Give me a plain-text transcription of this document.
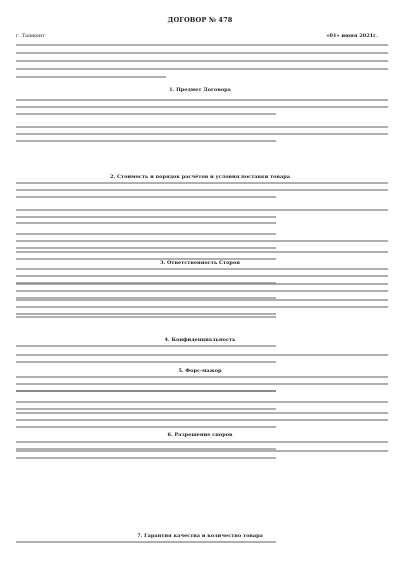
ДОГОВОР № 478
г. Ташкент	«01» июня 2021г.
1. Предмет Договора
2. Стоимость и порядок расчётов и условия поставки товара
3. Ответственность Сторон
4. Конфиденциальность
5. Форс-мажор
6. Разрешение споров
7. Гарантия качества и количество товара
